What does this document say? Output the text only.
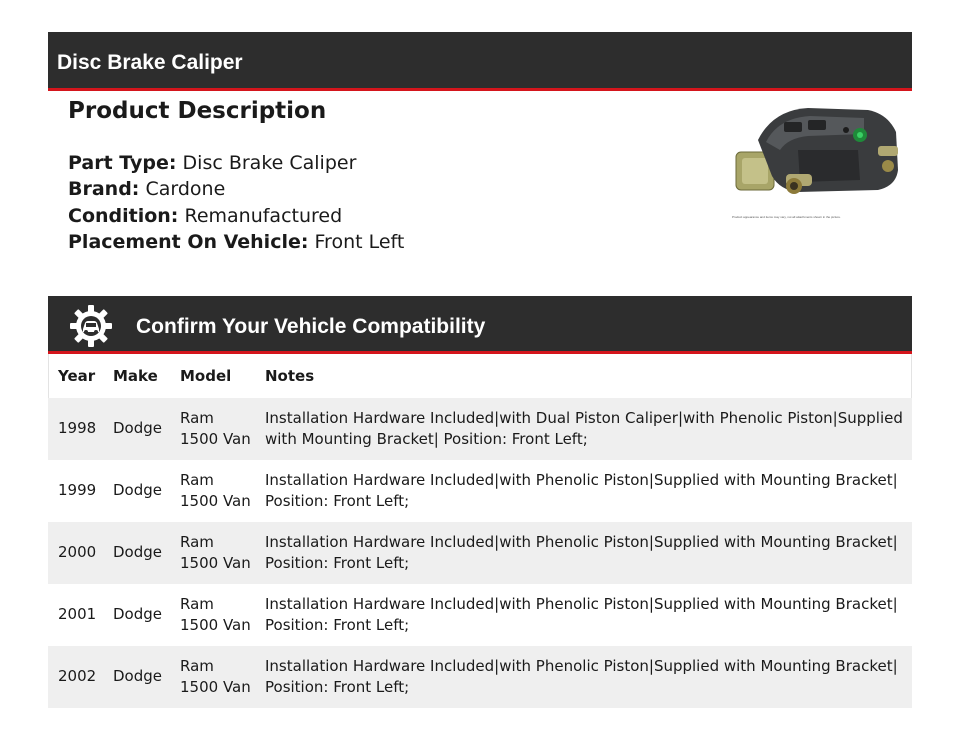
Disc Brake Caliper
Product Description
Part Type: Disc Brake Caliper
Brand: Cardone
Condition: Remanufactured
Placement On Vehicle: Front Left
Product appearance and items may vary, not all attachments shown in the picture.
Confirm Your Vehicle Compatibility
Year	Make	Model	Notes
1998	Dodge	Ram 1500 Van	Installation Hardware Included|with Dual Piston Caliper|with Phenolic Piston|Supplied with Mounting Bracket| Position: Front Left;
1999	Dodge	Ram 1500 Van	Installation Hardware Included|with Phenolic Piston|Supplied with Mounting Bracket| Position: Front Left;
2000	Dodge	Ram 1500 Van	Installation Hardware Included|with Phenolic Piston|Supplied with Mounting Bracket| Position: Front Left;
2001	Dodge	Ram 1500 Van	Installation Hardware Included|with Phenolic Piston|Supplied with Mounting Bracket| Position: Front Left;
2002	Dodge	Ram 1500 Van	Installation Hardware Included|with Phenolic Piston|Supplied with Mounting Bracket| Position: Front Left;
